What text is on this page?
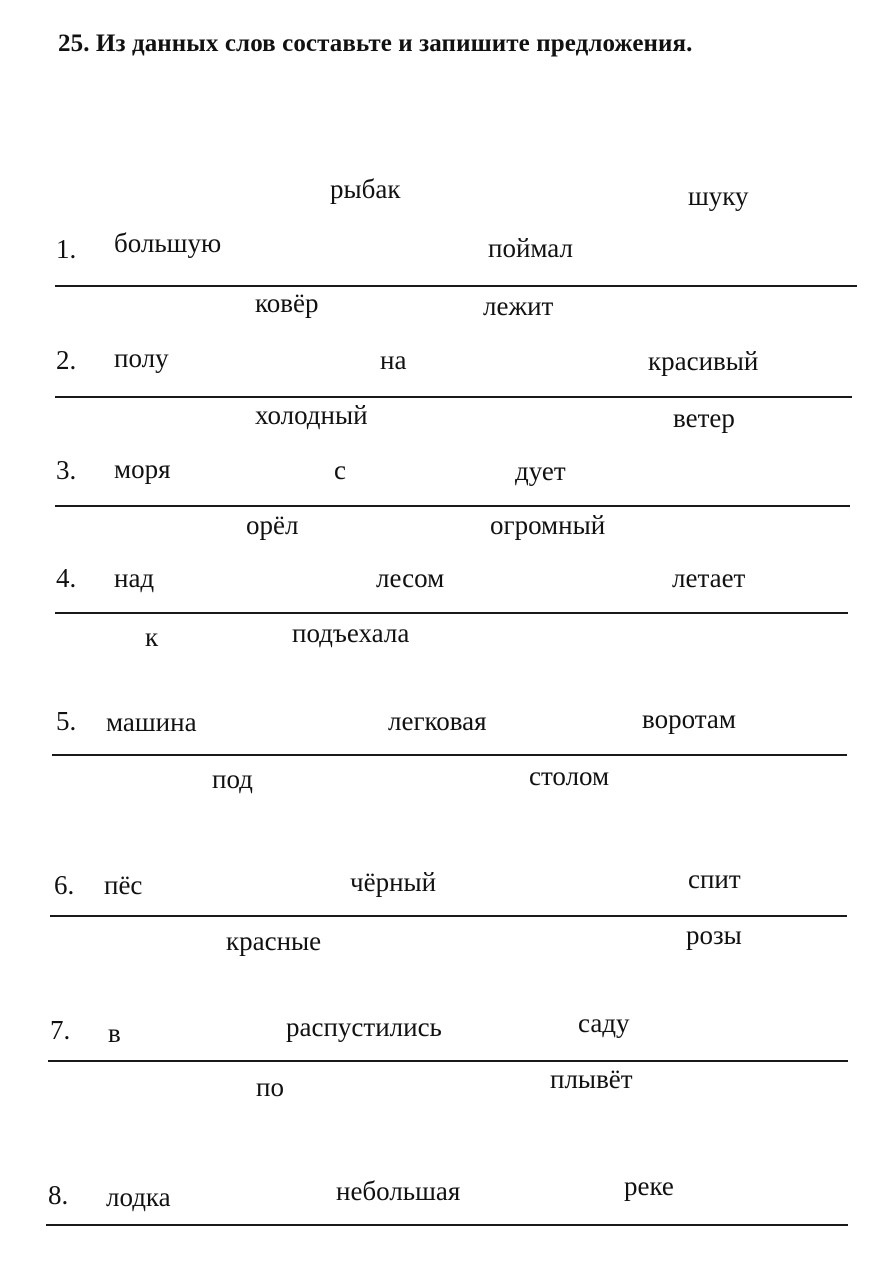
25. Из данных слов составьте и запишите предложения.
рыбак	шуку
1. большую	поймал
ковёр	лежит
2. полу	на	красивый
холодный	ветер
3. моря	с	дует
орёл	огромный
4. над	лесом	летает
к	подъехала
5. машина	легковая	воротам
под	столом
6. пёс	чёрный	спит
красные	розы
7. в	распустились	саду
по	плывёт
8. лодка	небольшая	реке
